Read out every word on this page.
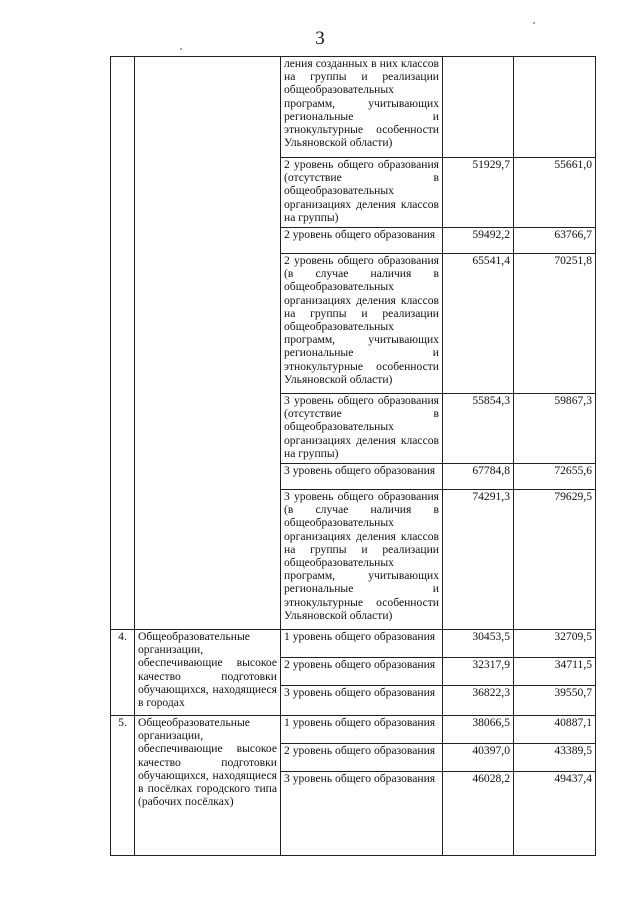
3
		ления созданных в них классов на группы и реализации общеобразовательных программ, учитывающих региональные и этнокультурные особенности Ульяновской области)		
		2 уровень общего образования (отсутствие в общеобразовательных организациях деления классов на группы)	51929,7	55661,0
		2 уровень общего образования	59492,2	63766,7
		2 уровень общего образования (в случае наличия в общеобразовательных организациях деления классов на группы и реализации общеобразовательных программ, учитывающих региональные и этнокультурные особенности Ульяновской области)	65541,4	70251,8
		3 уровень общего образования (отсутствие в общеобразовательных организациях деления классов на группы)	55854,3	59867,3
		3 уровень общего образования	67784,8	72655,6
		3 уровень общего образования (в случае наличия в общеобразовательных организациях деления классов на группы и реализации общеобразовательных программ, учитывающих региональные и этнокультурные особенности Ульяновской области)	74291,3	79629,5
4.	Общеобразовательные организации, обеспечивающие высокое качество подготовки обучающихся, находящиеся в городах	1 уровень общего образования	30453,5	32709,5
		2 уровень общего образования	32317,9	34711,5
		3 уровень общего образования	36822,3	39550,7
5.	Общеобразовательные организации, обеспечивающие высокое качество подготовки обучающихся, находящиеся в посёлках городского типа (рабочих посёлках)	1 уровень общего образования	38066,5	40887,1
		2 уровень общего образования	40397,0	43389,5
		3 уровень общего образования	46028,2	49437,4
